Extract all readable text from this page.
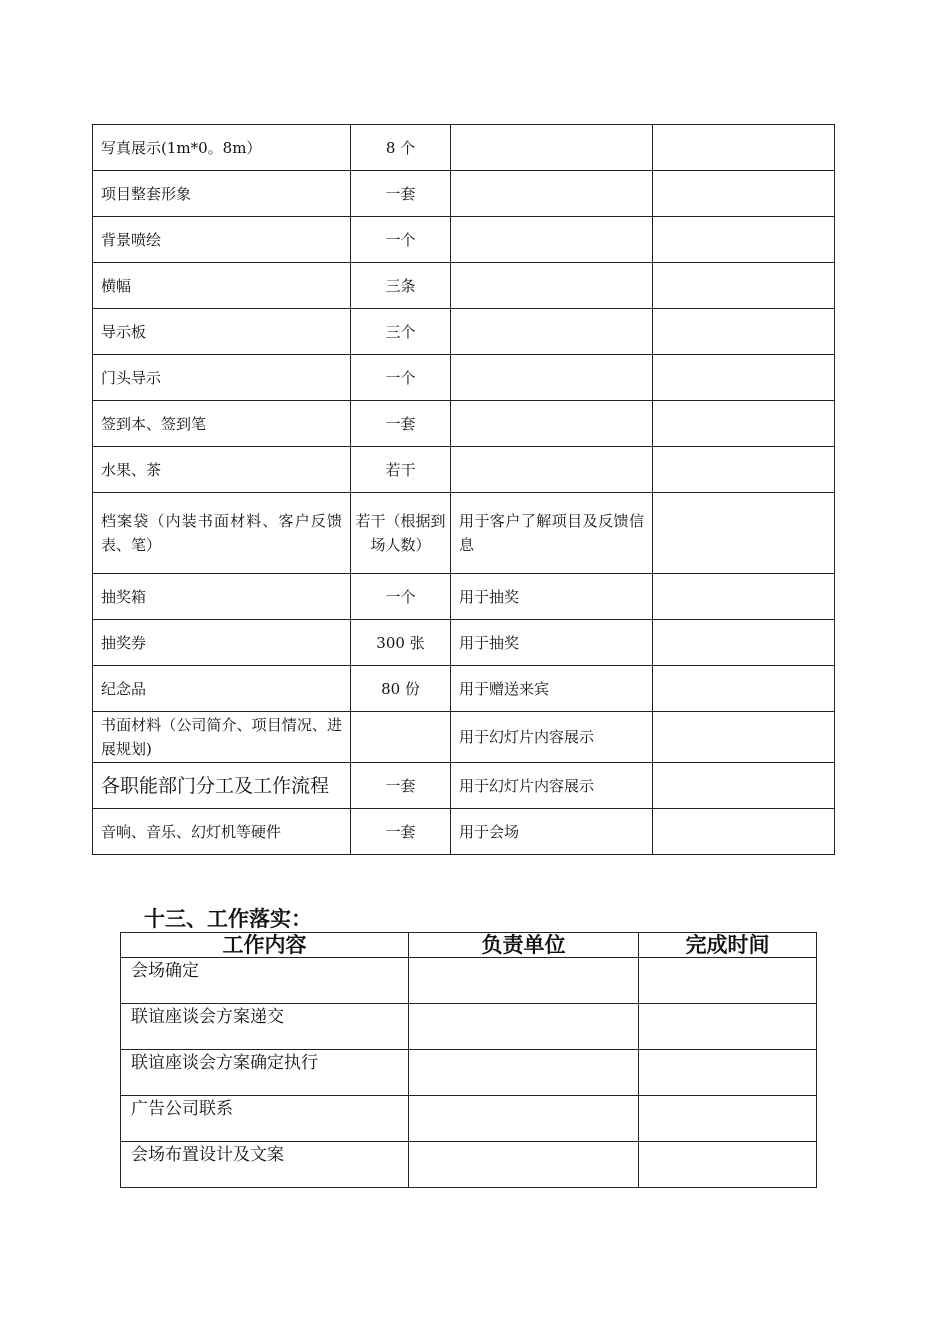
写真展示(1m*0。8m）	8 个		
项目整套形象	一套		
背景喷绘	一个		
横幅	三条		
导示板	三个		
门头导示	一个		
签到本、签到笔	一套		
水果、茶	若干		
档案袋（内装书面材料、客户反馈表、笔）	若干（根据到场人数）	用于客户了解项目及反馈信息	
抽奖箱	一个	用于抽奖	
抽奖券	300 张	用于抽奖	
纪念品	80 份	用于赠送来宾	
书面材料（公司简介、项目情况、进展规划)		用于幻灯片内容展示	
各职能部门分工及工作流程	一套	用于幻灯片内容展示	
音响、音乐、幻灯机等硬件	一套	用于会场	
十三、工作落实：
工作内容	负责单位	完成时间
会场确定		
联谊座谈会方案递交		
联谊座谈会方案确定执行		
广告公司联系		
会场布置设计及文案		
